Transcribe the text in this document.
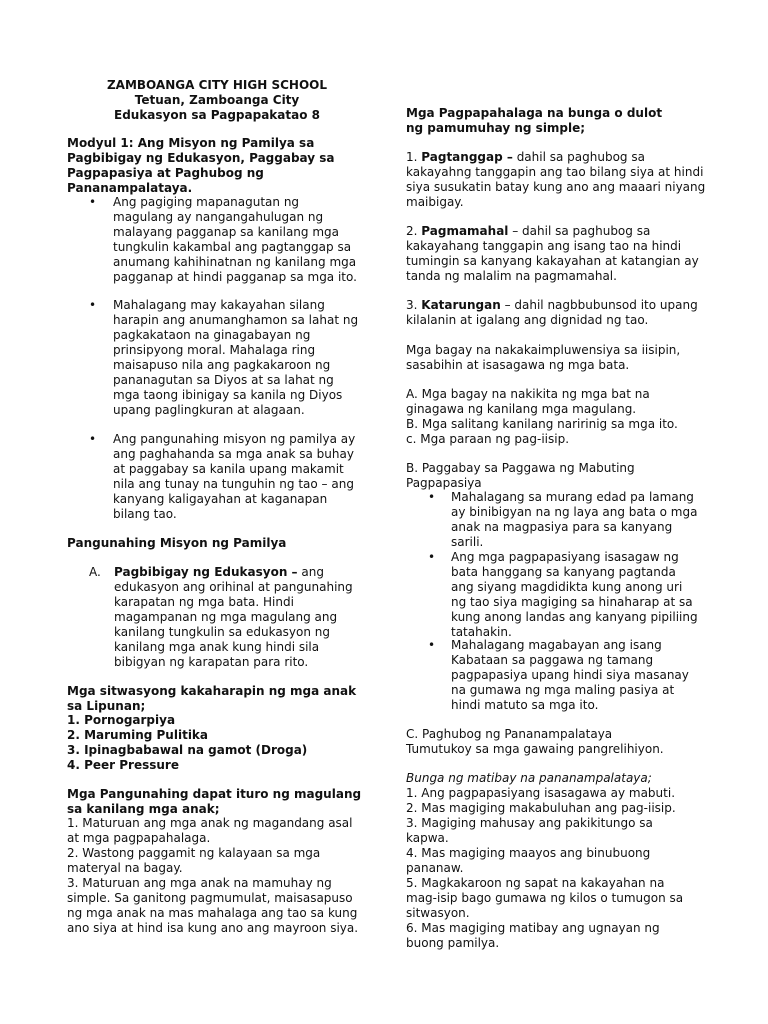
ZAMBOANGA CITY HIGH SCHOOL

Tetuan, Zamboanga City

Edukasyon sa Pagpapakatao 8

Modyul 1: Ang Misyon ng Pamilya sa Pagbibigay ng Edukasyon, Paggabay sa Pagpapasiya at Paghubog ng Pananampalataya.

• Ang pagiging mapanagutan ng magulang ay nangangahulugan ng malayang pagganap sa kanilang mga tungkulin kakambal ang pagtanggap sa anumang kahihinatnan ng kanilang mga pagganap at hindi pagganap sa mga ito.

• Mahalagang may kakayahan silang harapin ang anumanghamon sa lahat ng pagkakataon na ginagabayan ng prinsipyong moral. Mahalaga ring maisapuso nila ang pagkakaroon ng pananagutan sa Diyos at sa lahat ng mga taong ibinigay sa kanila ng Diyos upang paglingkuran at alagaan.

• Ang pangunahing misyon ng pamilya ay ang paghahanda sa mga anak sa buhay at paggabay sa kanila upang makamit nila ang tunay na tunguhin ng tao – ang kanyang kaligayahan at kaganapan bilang tao.

Pangunahing Misyon ng Pamilya

A. Pagbibigay ng Edukasyon – ang edukasyon ang orihinal at pangunahing karapatan ng mga bata. Hindi magampanan ng mga magulang ang kanilang tungkulin sa edukasyon ng kanilang mga anak kung hindi sila bibigyan ng karapatan para rito.

Mga sitwasyong kakaharapin ng mga anak sa Lipunan;

1. Pornogarpiya

2. Maruming Pulitika

3. Ipinagbabawal na gamot (Droga)

4. Peer Pressure

Mga Pangunahing dapat ituro ng magulang sa kanilang mga anak;

1. Maturuan ang mga anak ng magandang asal at mga pagpapahalaga.

2. Wastong paggamit ng kalayaan sa mga materyal na bagay.

3. Maturuan ang mga anak na mamuhay ng simple. Sa ganitong pagmumulat, maisasapuso ng mga anak na mas mahalaga ang tao sa kung ano siya at hind isa kung ano ang mayroon siya.

Mga Pagpapahalaga na bunga o dulot ng pamumuhay ng simple;

1. Pagtanggap – dahil sa paghubog sa kakayahng tanggapin ang tao bilang siya at hindi siya susukatin batay kung ano ang maaari niyang maibigay.

2. Pagmamahal – dahil sa paghubog sa kakayahang tanggapin ang isang tao na hindi tumingin sa kanyang kakayahan at katangian ay tanda ng malalim na pagmamahal.

3. Katarungan – dahil nagbbubunsod ito upang kilalanin at igalang ang dignidad ng tao.

Mga bagay na nakakaimpluwensiya sa iisipin, sasabihin at isasagawa ng mga bata.

A. Mga bagay na nakikita ng mga bat na ginagawa ng kanilang mga magulang.

B. Mga salitang kanilang naririnig sa mga ito.

c. Mga paraan ng pag-iisip.

B. Paggabay sa Paggawa ng Mabuting Pagpapasiya

• Mahalagang sa murang edad pa lamang ay binibigyan na ng laya ang bata o mga anak na magpasiya para sa kanyang sarili.

• Ang mga pagpapasiyang isasagaw ng bata hanggang sa kanyang pagtanda ang siyang magdidikta kung anong uri ng tao siya magiging sa hinaharap at sa kung anong landas ang kanyang pipiliing tatahakin.

• Mahalagang magabayan ang isang Kabataan sa paggawa ng tamang pagpapasiya upang hindi siya masanay na gumawa ng mga maling pasiya at hindi matuto sa mga ito.

C. Paghubog ng Pananampalataya

Tumutukoy sa mga gawaing pangrelihiyon.

Bunga ng matibay na pananampalataya;

1. Ang pagpapasiyang isasagawa ay mabuti.

2. Mas magiging makabuluhan ang pag-iisip.

3. Magiging mahusay ang pakikitungo sa kapwa.

4. Mas magiging maayos ang binubuong pananaw.

5. Magkakaroon ng sapat na kakayahan na mag-isip bago gumawa ng kilos o tumugon sa sitwasyon.

6. Mas magiging matibay ang ugnayan ng buong pamilya.
